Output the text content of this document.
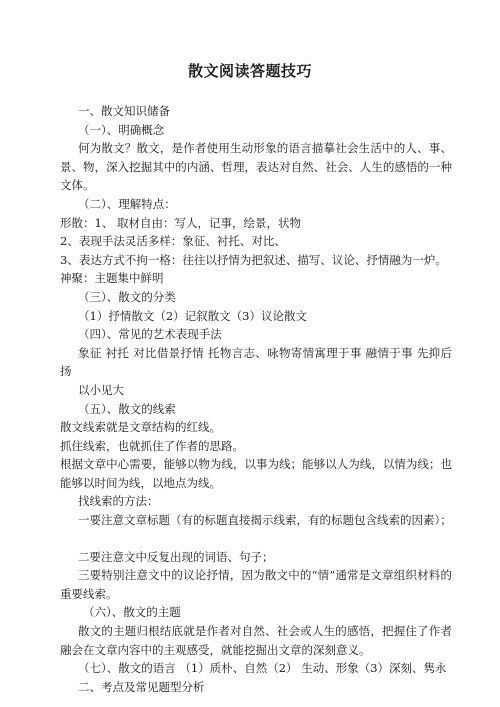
散文阅读答题技巧
一、散文知识储备
（一）、明确概念
何为散文？散文，是作者使用生动形象的语言描摹社会生活中的人、事、景、物，深入挖掘其中的内涵、哲理，表达对自然、社会、人生的感悟的一种文体。
（二）、理解特点：
形散：1、 取材自由：写人，记事，绘景，状物
2、表现手法灵活多样：象征、衬托、对比、
3、表达方式不拘一格：往往以抒情为把叙述、描写、议论、抒情融为一炉。
神聚：主题集中鲜明
（三）、散文的分类
（1）抒情散文（2）记叙散文（3）议论散文
（四）、常见的艺术表现手法
象征 衬托 对比借景抒情 托物言志、咏物寄情寓理于事 融情于事 先抑后扬
以小见大
（五）、散文的线索
散文线索就是文章结构的红线。
抓住线索，也就抓住了作者的思路。
根据文章中心需要，能够以物为线，以事为线；能够以人为线，以情为线；也能够以时间为线，以地点为线。
找线索的方法：
一要注意文章标题（有的标题直接揭示线索，有的标题包含线索的因素）；
二要注意文中反复出现的词语、句子；
三要特别注意文中的议论抒情，因为散文中的“情”通常是文章组织材料的重要线索。
（六）、散文的主题
散文的主题归根结底就是作者对自然、社会或人生的感悟，把握住了作者融会在文章内容中的主观感受，就能挖掘出文章的深刻意义。
（七）、散文的语言 （1）质朴、自然（2） 生动、形象（3）深刻、隽永
二、考点及常见题型分析
